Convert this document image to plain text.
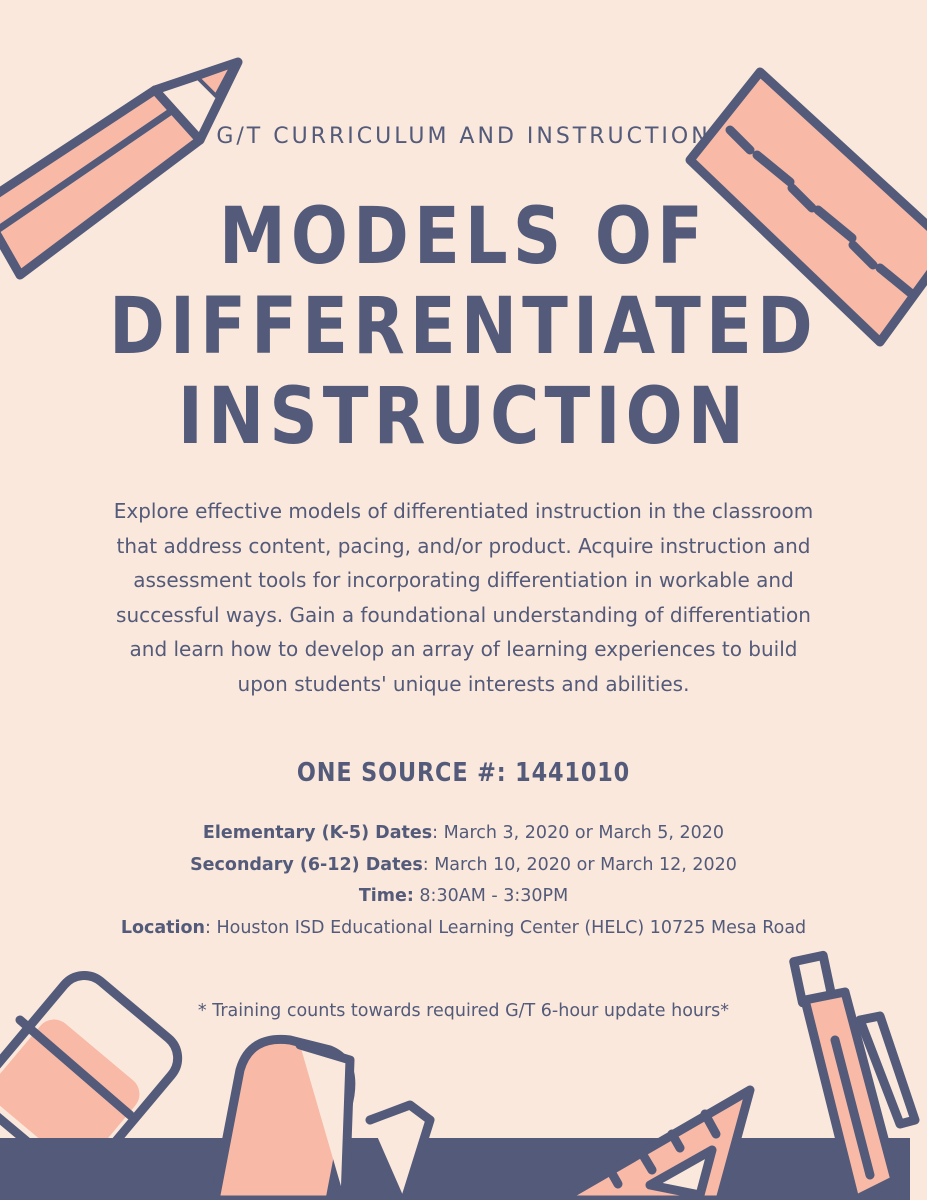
G/T CURRICULUM AND INSTRUCTION
MODELS OF
DIFFERENTIATED
INSTRUCTION
Explore effective models of differentiated instruction in the classroom that address content, pacing, and/or product. Acquire instruction and assessment tools for incorporating differentiation in workable and successful ways. Gain a foundational understanding of differentiation and learn how to develop an array of learning experiences to build upon students' unique interests and abilities.
ONE SOURCE #: 1441010
Elementary (K-5) Dates: March 3, 2020 or March 5, 2020
Secondary (6-12) Dates: March 10, 2020 or March 12, 2020
Time: 8:30AM - 3:30PM
Location: Houston ISD Educational Learning Center (HELC) 10725 Mesa Road
* Training counts towards required G/T 6-hour update hours*
